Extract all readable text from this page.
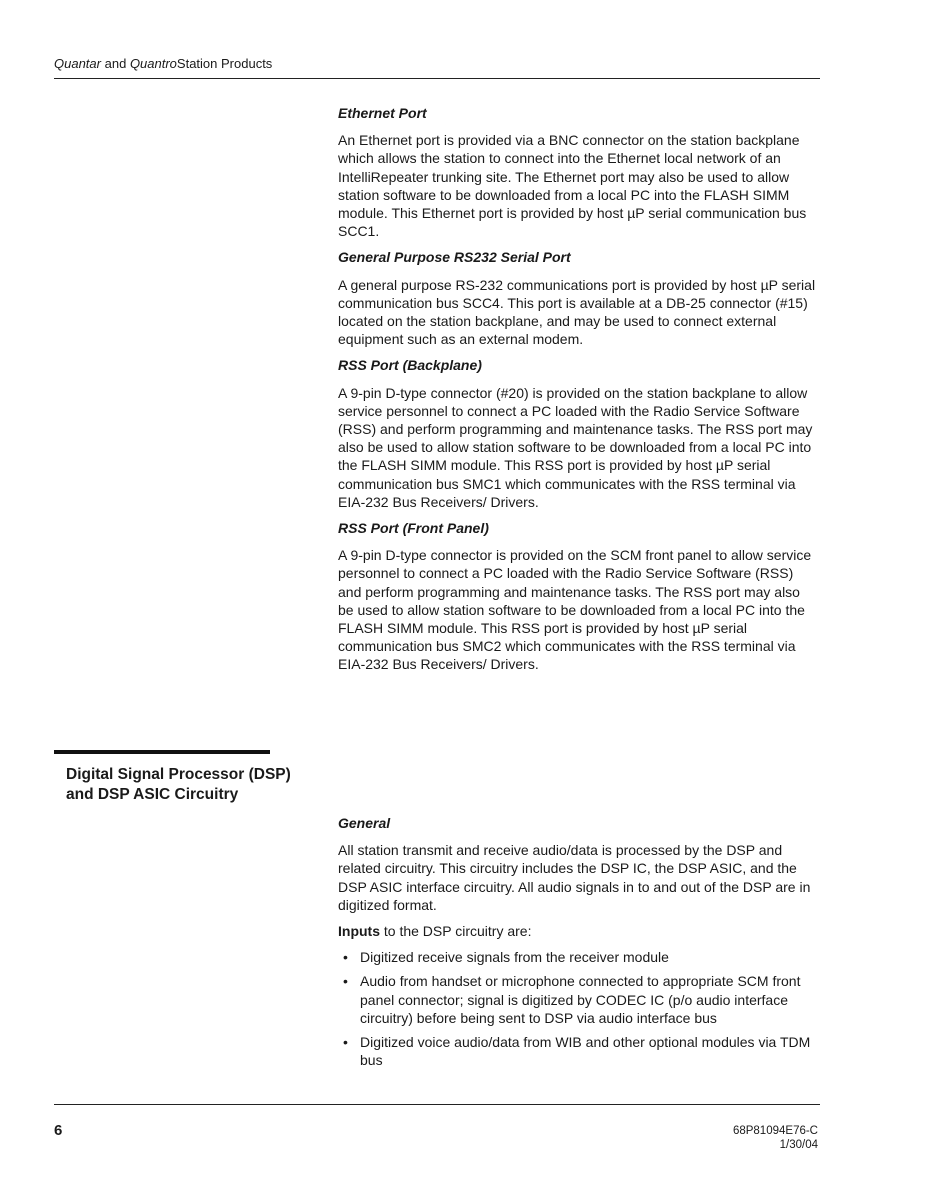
Quantar and QuantroStation Products
Ethernet Port

An Ethernet port is provided via a BNC connector on the station backplane which allows the station to connect into the Ethernet local network of an IntelliRepeater trunking site. The Ethernet port may also be used to allow station software to be downloaded from a local PC into the FLASH SIMM module. This Ethernet port is provided by host µP serial communication bus SCC1.

General Purpose RS232 Serial Port

A general purpose RS-232 communications port is provided by host µP serial communication bus SCC4. This port is available at a DB-25 connector (#15) located on the station backplane, and may be used to connect external equipment such as an external modem.

RSS Port (Backplane)

A 9-pin D-type connector (#20) is provided on the station backplane to allow service personnel to connect a PC loaded with the Radio Service Software (RSS) and perform programming and maintenance tasks. The RSS port may also be used to allow station software to be downloaded from a local PC into the FLASH SIMM module. This RSS port is provided by host µP serial communication bus SMC1 which communicates with the RSS terminal via EIA-232 Bus Receivers/ Drivers.

RSS Port (Front Panel)

A 9-pin D-type connector is provided on the SCM front panel to allow service personnel to connect a PC loaded with the Radio Service Software (RSS) and perform programming and maintenance tasks. The RSS port may also be used to allow station software to be downloaded from a local PC into the FLASH SIMM module. This RSS port is provided by host µP serial communication bus SMC2 which communicates with the RSS terminal via EIA-232 Bus Receivers/ Drivers.

Digital Signal Processor (DSP)
and DSP ASIC Circuitry
General

All station transmit and receive audio/data is processed by the DSP and related circuitry. This circuitry includes the DSP IC, the DSP ASIC, and the DSP ASIC interface circuitry. All audio signals in to and out of the DSP are in digitized format.

Inputs to the DSP circuitry are:

• Digitized receive signals from the receiver module
• Audio from handset or microphone connected to appropriate SCM front panel connector; signal is digitized by CODEC IC (p/o audio interface circuitry) before being sent to DSP via audio interface bus
• Digitized voice audio/data from WIB and other optional modules via TDM bus
6	68P81094E76-C
1/30/04
